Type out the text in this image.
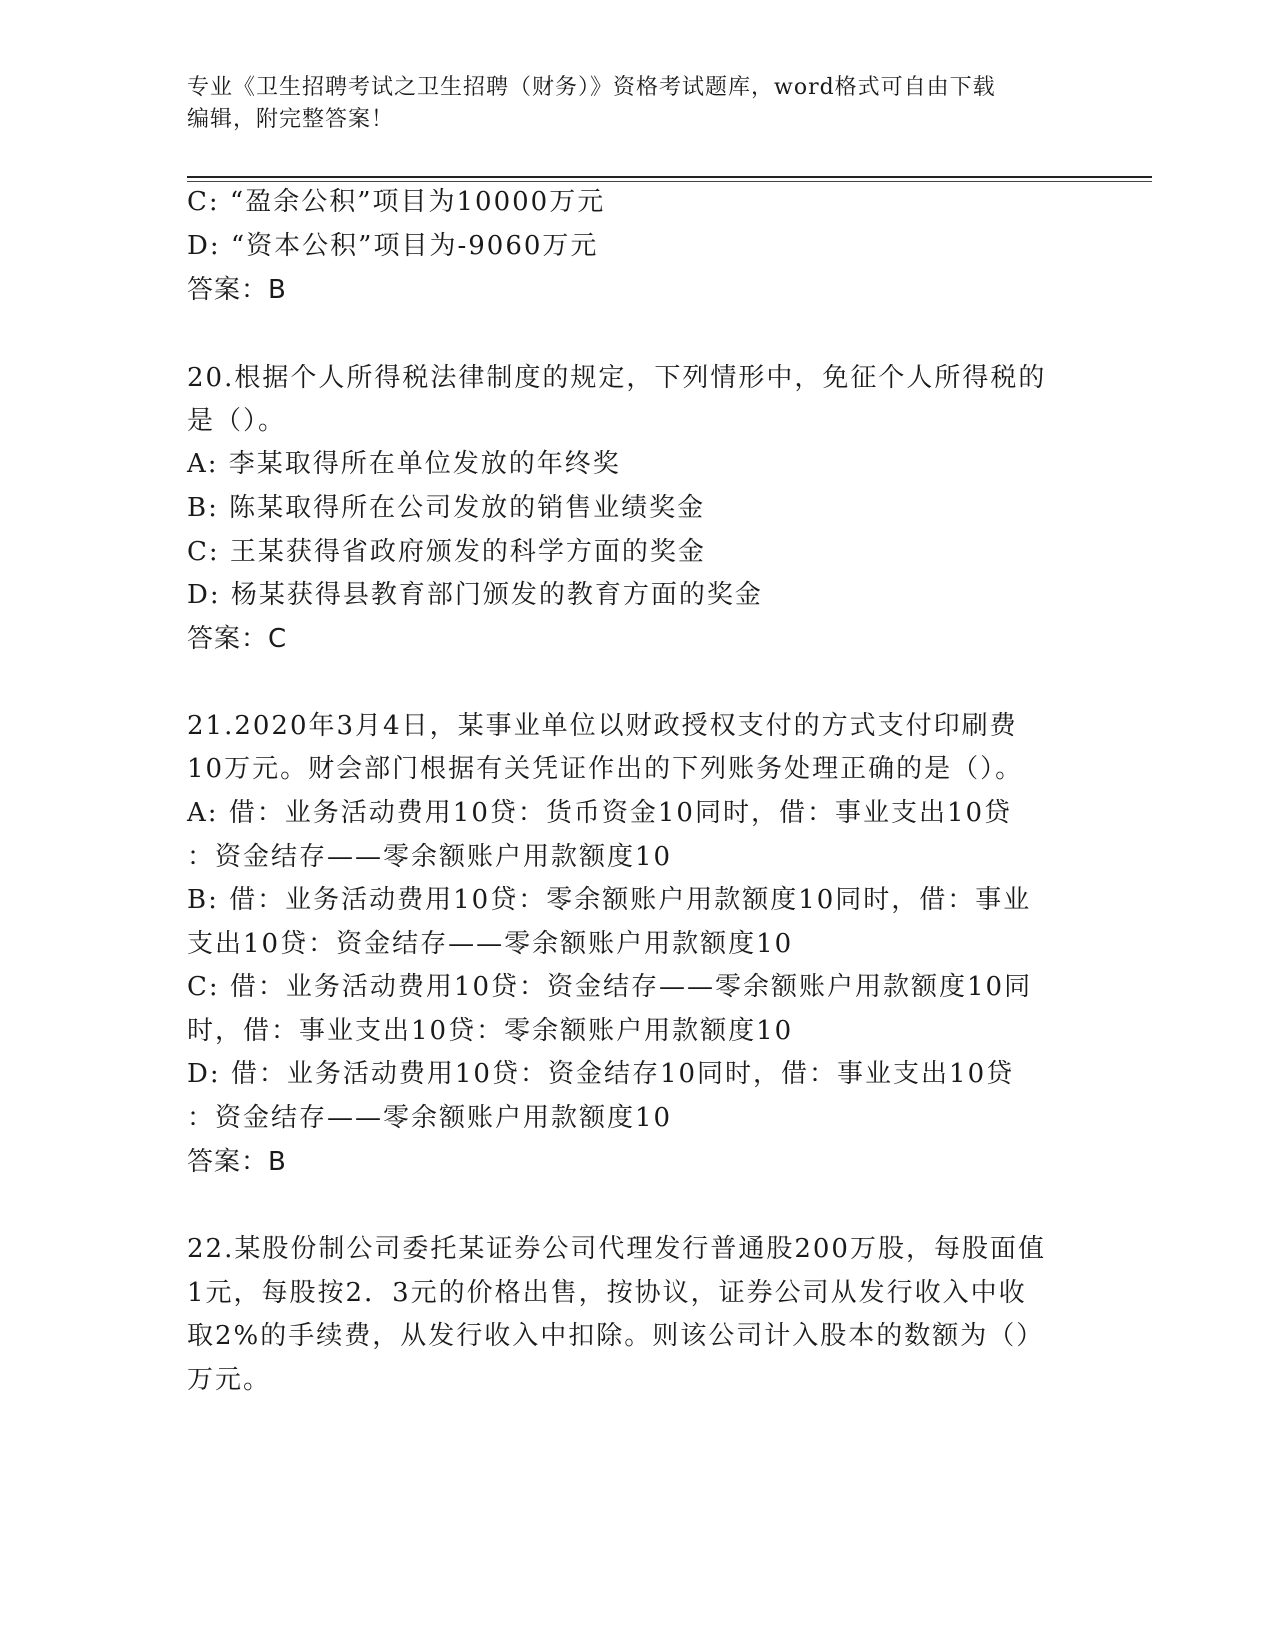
专业《卫生招聘考试之卫生招聘（财务）》资格考试题库，word格式可自由下载
编辑，附完整答案！
C: “盈余公积”项目为10000万元
D: “资本公积”项目为-9060万元
答案：B
20.根据个人所得税法律制度的规定，下列情形中，免征个人所得税的
是（）。
A: 李某取得所在单位发放的年终奖
B: 陈某取得所在公司发放的销售业绩奖金
C: 王某获得省政府颁发的科学方面的奖金
D: 杨某获得县教育部门颁发的教育方面的奖金
答案：C
21.2020年3月4日，某事业单位以财政授权支付的方式支付印刷费
10万元。财会部门根据有关凭证作出的下列账务处理正确的是（）。
A: 借：业务活动费用10贷：货币资金10同时，借：事业支出10贷
：资金结存——零余额账户用款额度10
B: 借：业务活动费用10贷：零余额账户用款额度10同时，借：事业
支出10贷：资金结存——零余额账户用款额度10
C: 借：业务活动费用10贷：资金结存——零余额账户用款额度10同
时，借：事业支出10贷：零余额账户用款额度10
D: 借：业务活动费用10贷：资金结存10同时，借：事业支出10贷
：资金结存——零余额账户用款额度10
答案：B
22.某股份制公司委托某证券公司代理发行普通股200万股，每股面值
1元，每股按2．3元的价格出售，按协议，证券公司从发行收入中收
取2%的手续费，从发行收入中扣除。则该公司计入股本的数额为（）
万元。
